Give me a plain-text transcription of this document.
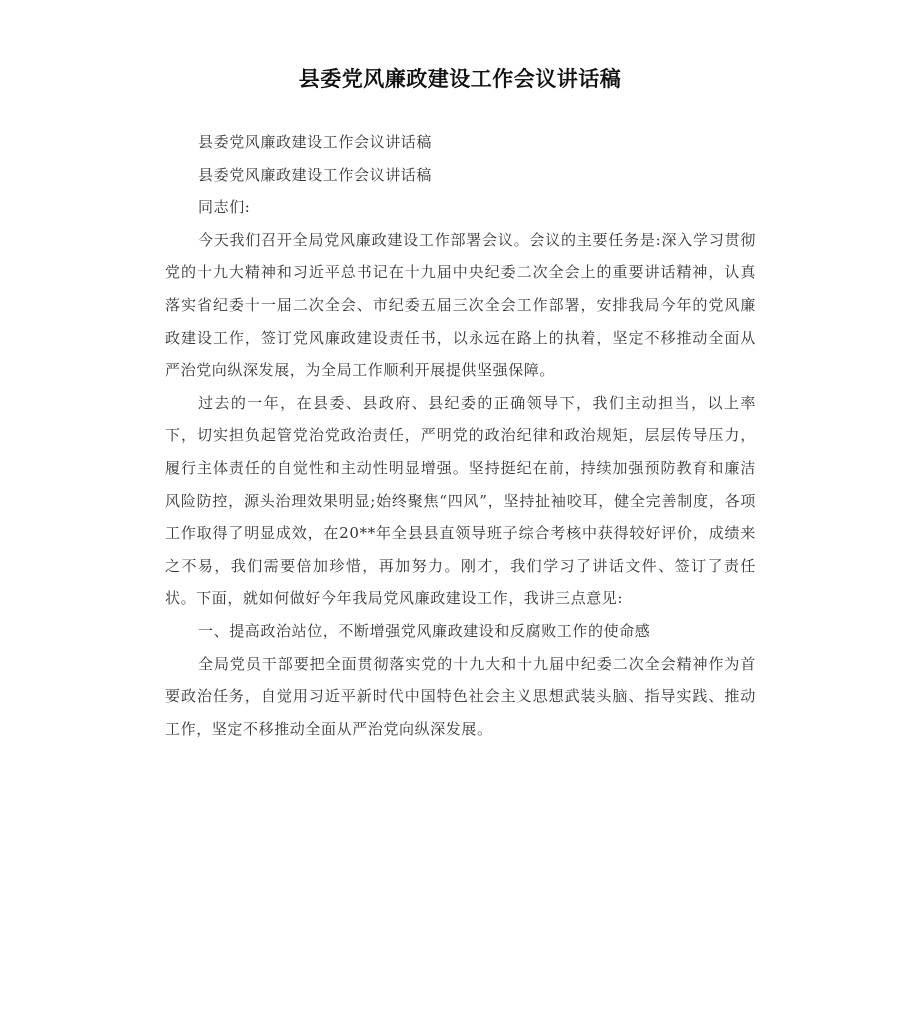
县委党风廉政建设工作会议讲话稿

县委党风廉政建设工作会议讲话稿

县委党风廉政建设工作会议讲话稿

同志们:

今天我们召开全局党风廉政建设工作部署会议。会议的主要任务是:深入学习贯彻党的十九大精神和习近平总书记在十九届中央纪委二次全会上的重要讲话精神，认真落实省纪委十一届二次全会、市纪委五届三次全会工作部署，安排我局今年的党风廉政建设工作，签订党风廉政建设责任书，以永远在路上的执着，坚定不移推动全面从严治党向纵深发展，为全局工作顺利开展提供坚强保障。

过去的一年，在县委、县政府、县纪委的正确领导下，我们主动担当，以上率下，切实担负起管党治党政治责任，严明党的政治纪律和政治规矩，层层传导压力，履行主体责任的自觉性和主动性明显增强。坚持挺纪在前，持续加强预防教育和廉洁风险防控，源头治理效果明显;始终聚焦“四风”，坚持扯袖咬耳，健全完善制度，各项工作取得了明显成效，在20**年全县县直领导班子综合考核中获得较好评价，成绩来之不易，我们需要倍加珍惜，再加努力。刚才，我们学习了讲话文件、签订了责任状。下面，就如何做好今年我局党风廉政建设工作，我讲三点意见:

一、提高政治站位，不断增强党风廉政建设和反腐败工作的使命感

全局党员干部要把全面贯彻落实党的十九大和十九届中纪委二次全会精神作为首要政治任务，自觉用习近平新时代中国特色社会主义思想武装头脑、指导实践、推动工作，坚定不移推动全面从严治党向纵深发展。
